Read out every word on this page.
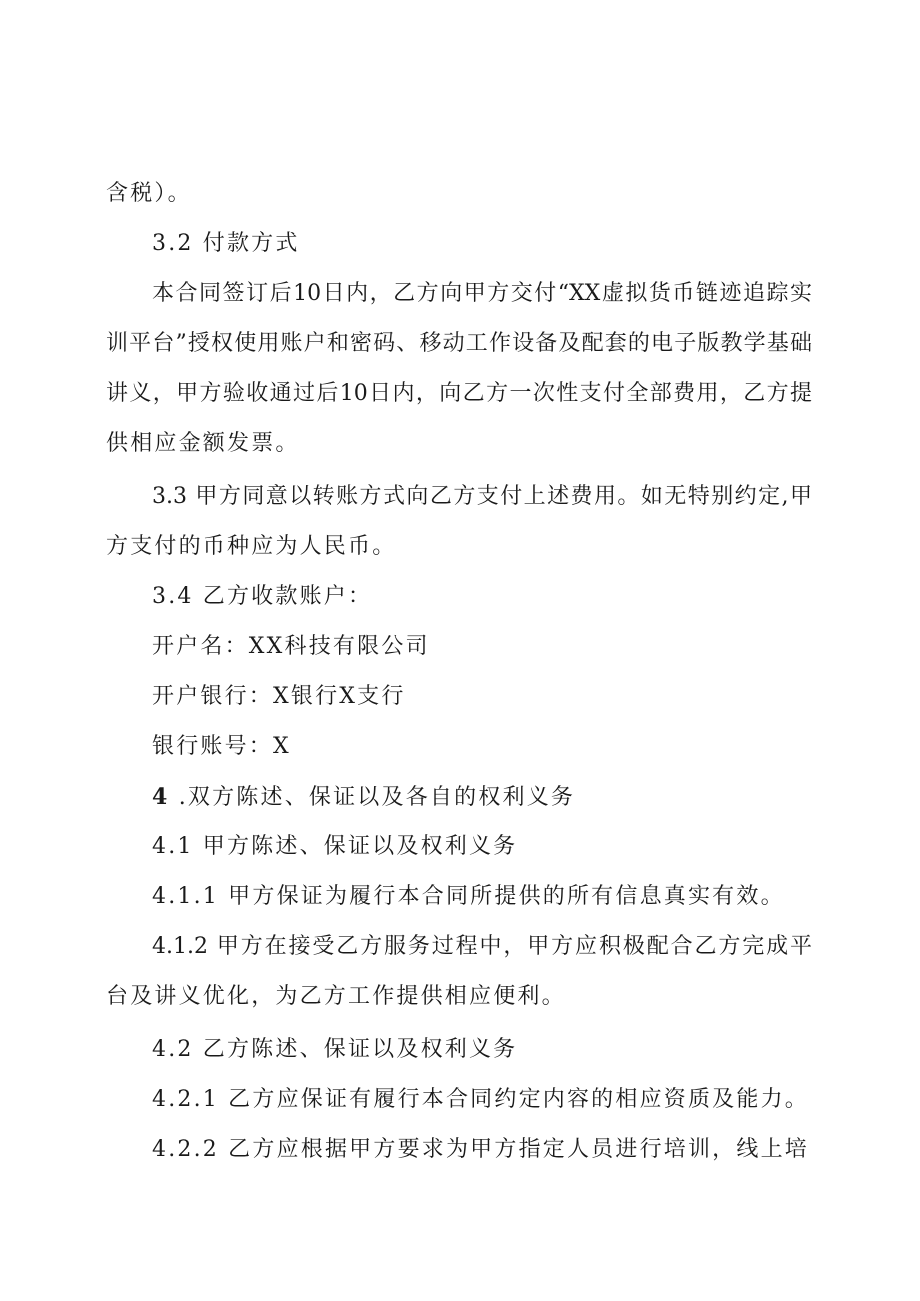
含税）。
3.2 付款方式
本合同签订后10日内，乙方向甲方交付“XX虚拟货币链迹追踪实
训平台”授权使用账户和密码、移动工作设备及配套的电子版教学基础
讲义，甲方验收通过后10日内，向乙方一次性支付全部费用，乙方提
供相应金额发票。
3.3 甲方同意以转账方式向乙方支付上述费用。如无特别约定,甲
方支付的币种应为人民币。
3.4 乙方收款账户：
开户名：XX科技有限公司
开户银行：X银行X支行
银行账号：X
4 .双方陈述、保证以及各自的权利义务
4.1 甲方陈述、保证以及权利义务
4.1.1 甲方保证为履行本合同所提供的所有信息真实有效。
4.1.2 甲方在接受乙方服务过程中，甲方应积极配合乙方完成平
台及讲义优化，为乙方工作提供相应便利。
4.2 乙方陈述、保证以及权利义务
4.2.1 乙方应保证有履行本合同约定内容的相应资质及能力。
4.2.2 乙方应根据甲方要求为甲方指定人员进行培训，线上培
